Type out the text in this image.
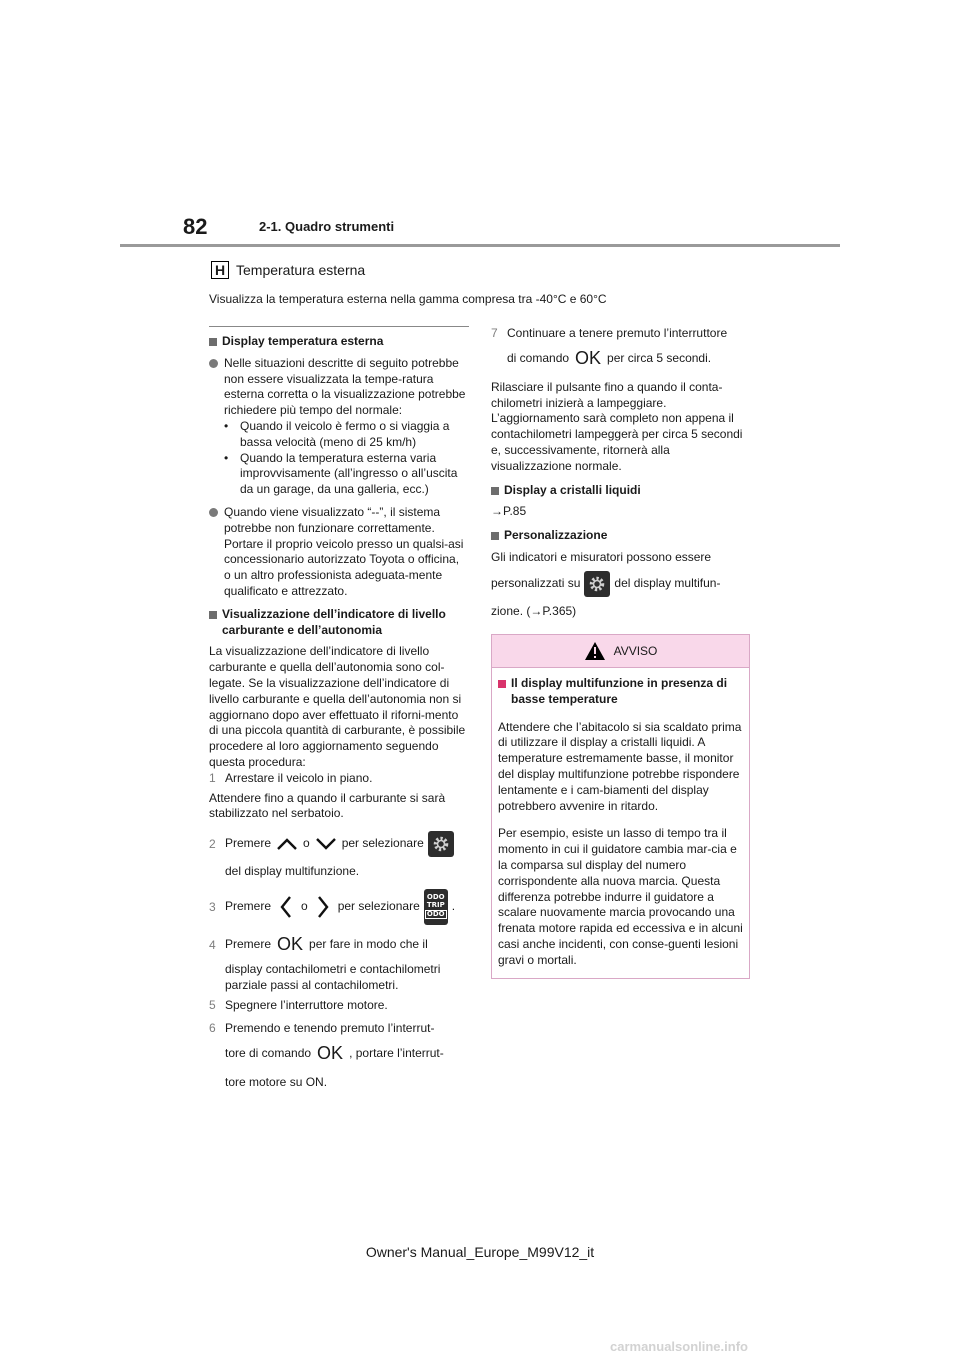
82	2-1. Quadro strumenti
H Temperatura esterna
Visualizza la temperatura esterna nella gamma compresa tra -40°C e 60°C
Display temperatura esterna

Nelle situazioni descritte di seguito potrebbe non essere visualizzata la tempe-ratura esterna corretta o la visualizzazione potrebbe richiedere più tempo del normale:

• Quando il veicolo è fermo o si viaggia a bassa velocità (meno di 25 km/h)
• Quando la temperatura esterna varia improvvisamente (all’ingresso o all’uscita da un garage, da una galleria, ecc.)

Quando viene visualizzato “--”, il sistema potrebbe non funzionare correttamente. Portare il proprio veicolo presso un qualsi-asi concessionario autorizzato Toyota o officina, o un altro professionista adeguata-mente qualificato e attrezzato.

Visualizzazione dell’indicatore di livello carburante e dell’autonomia

La visualizzazione dell’indicatore di livello carburante e quella dell’autonomia sono col-legate. Se la visualizzazione dell’indicatore di livello carburante e quella dell’autonomia non si aggiornano dopo aver effettuato il riforni-mento di una piccola quantità di carburante, è possibile procedere al loro aggiornamento seguendo questa procedura:

1 Arrestare il veicolo in piano.

Attendere fino a quando il carburante si sarà stabilizzato nel serbatoio.

2 Premere	o	per selezionare
del display multifunzione.
3 Premere	o	per selezionare
ODO
TRIP
ODO
.
4 Premere OK per fare in modo che il
display contachilometri e contachilometri parziale passi al contachilometri.
5 Spegnere l’interruttore motore.
6 Premendo e tenendo premuto l’interrut-
tore di comando OK , portare l’interrut-
tore motore su ON.
7 Continuare a tenere premuto l’interruttore
di comando OK per circa 5 secondi.

Rilasciare il pulsante fino a quando il conta-chilometri inizierà a lampeggiare.

L’aggiornamento sarà completo non appena il contachilometri lampeggerà per circa 5 secondi e, successivamente, ritornerà alla visualizzazione normale.

Display a cristalli liquidi

→P.85

Personalizzazione

Gli indicatori e misuratori possono essere

personalizzati su	del display multifun-

zione. (→P.365)

AVVISO
Il display multifunzione in presenza di basse temperature

Attendere che l’abitacolo si sia scaldato prima di utilizzare il display a cristalli liquidi. A temperature estremamente basse, il monitor del display multifunzione potrebbe rispondere lentamente e i cam-biamenti del display potrebbero avvenire in ritardo.

Per esempio, esiste un lasso di tempo tra il momento in cui il guidatore cambia mar-cia e la comparsa sul display del numero corrispondente alla nuova marcia. Questa differenza potrebbe indurre il guidatore a scalare nuovamente marcia provocando una frenata motore rapida ed eccessiva e in alcuni casi anche incidenti, con conse-guenti lesioni gravi o mortali.

Owner's Manual_Europe_M99V12_it
carmanualsonline.info
